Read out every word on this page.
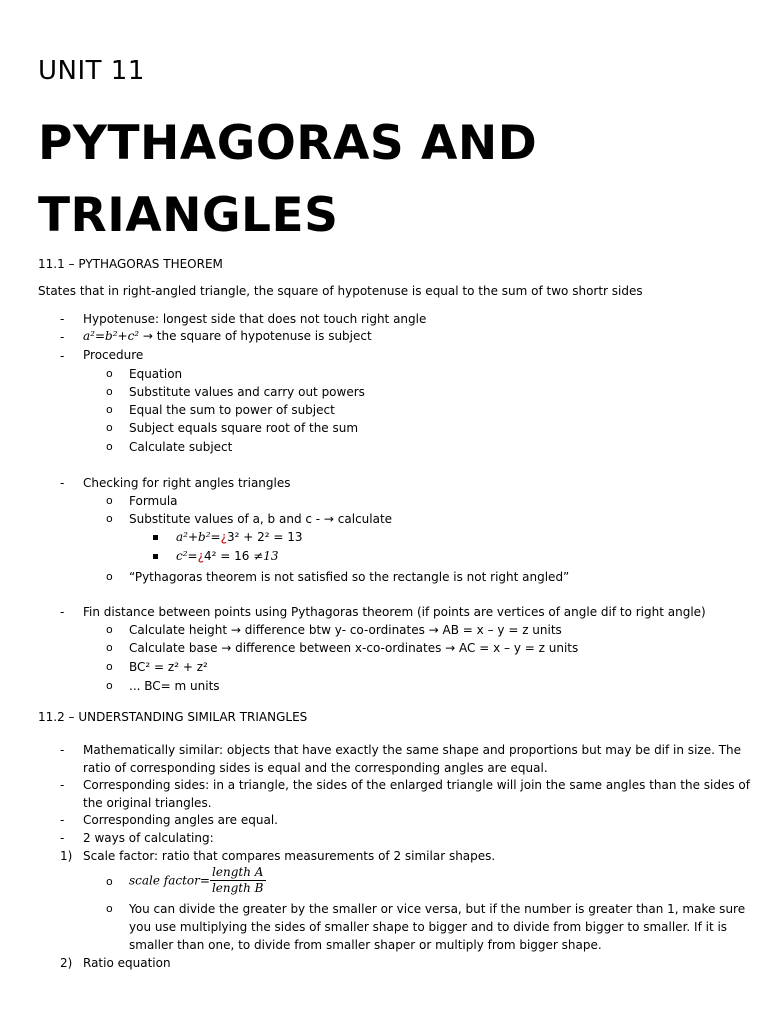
UNIT 11
PYTHAGORAS AND
TRIANGLES
11.1 – PYTHAGORAS THEOREM
States that in right-angled triangle, the square of hypotenuse is equal to the sum of two shortr sides
-	Hypotenuse: longest side that does not touch right angle
-	a²=b²+c² → the square of hypotenuse is subject
-	Procedure
o Equation
o Substitute values and carry out powers
o Equal the sum to power of subject
o Subject equals square root of the sum
o Calculate subject
-	Checking for right angles triangles
o Formula
o Substitute values of a, b and c - → calculate
a²+b²=¿3² + 2² = 13
c²=¿4² = 16 ≠13
o “Pythagoras theorem is not satisfied so the rectangle is not right angled”
-	Fin distance between points using Pythagoras theorem (if points are vertices of angle dif to right angle)
o Calculate height → difference btw y- co-ordinates → AB = x – y = z units
o Calculate base → difference between x-co-ordinates → AC = x – y = z units
o BC² = z² + z²
o ... BC= m units
11.2 – UNDERSTANDING SIMILAR TRIANGLES
-	Mathematically similar: objects that have exactly the same shape and proportions but may be dif in size. The
ratio of corresponding sides is equal and the corresponding angles are equal.
-	Corresponding sides: in a triangle, the sides of the enlarged triangle will join the same angles than the sides of
the original triangles.
-	Corresponding angles are equal.
-	2 ways of calculating:
1) Scale factor: ratio that compares measurements of 2 similar shapes.
o scale factor= $\frac{\text{length A}}{\text{length B}}$
o You can divide the greater by the smaller or vice versa, but if the number is greater than 1, make sure
you use multiplying the sides of smaller shape to bigger and to divide from bigger to smaller. If it is
smaller than one, to divide from smaller shaper or multiply from bigger shape.
2) Ratio equation
